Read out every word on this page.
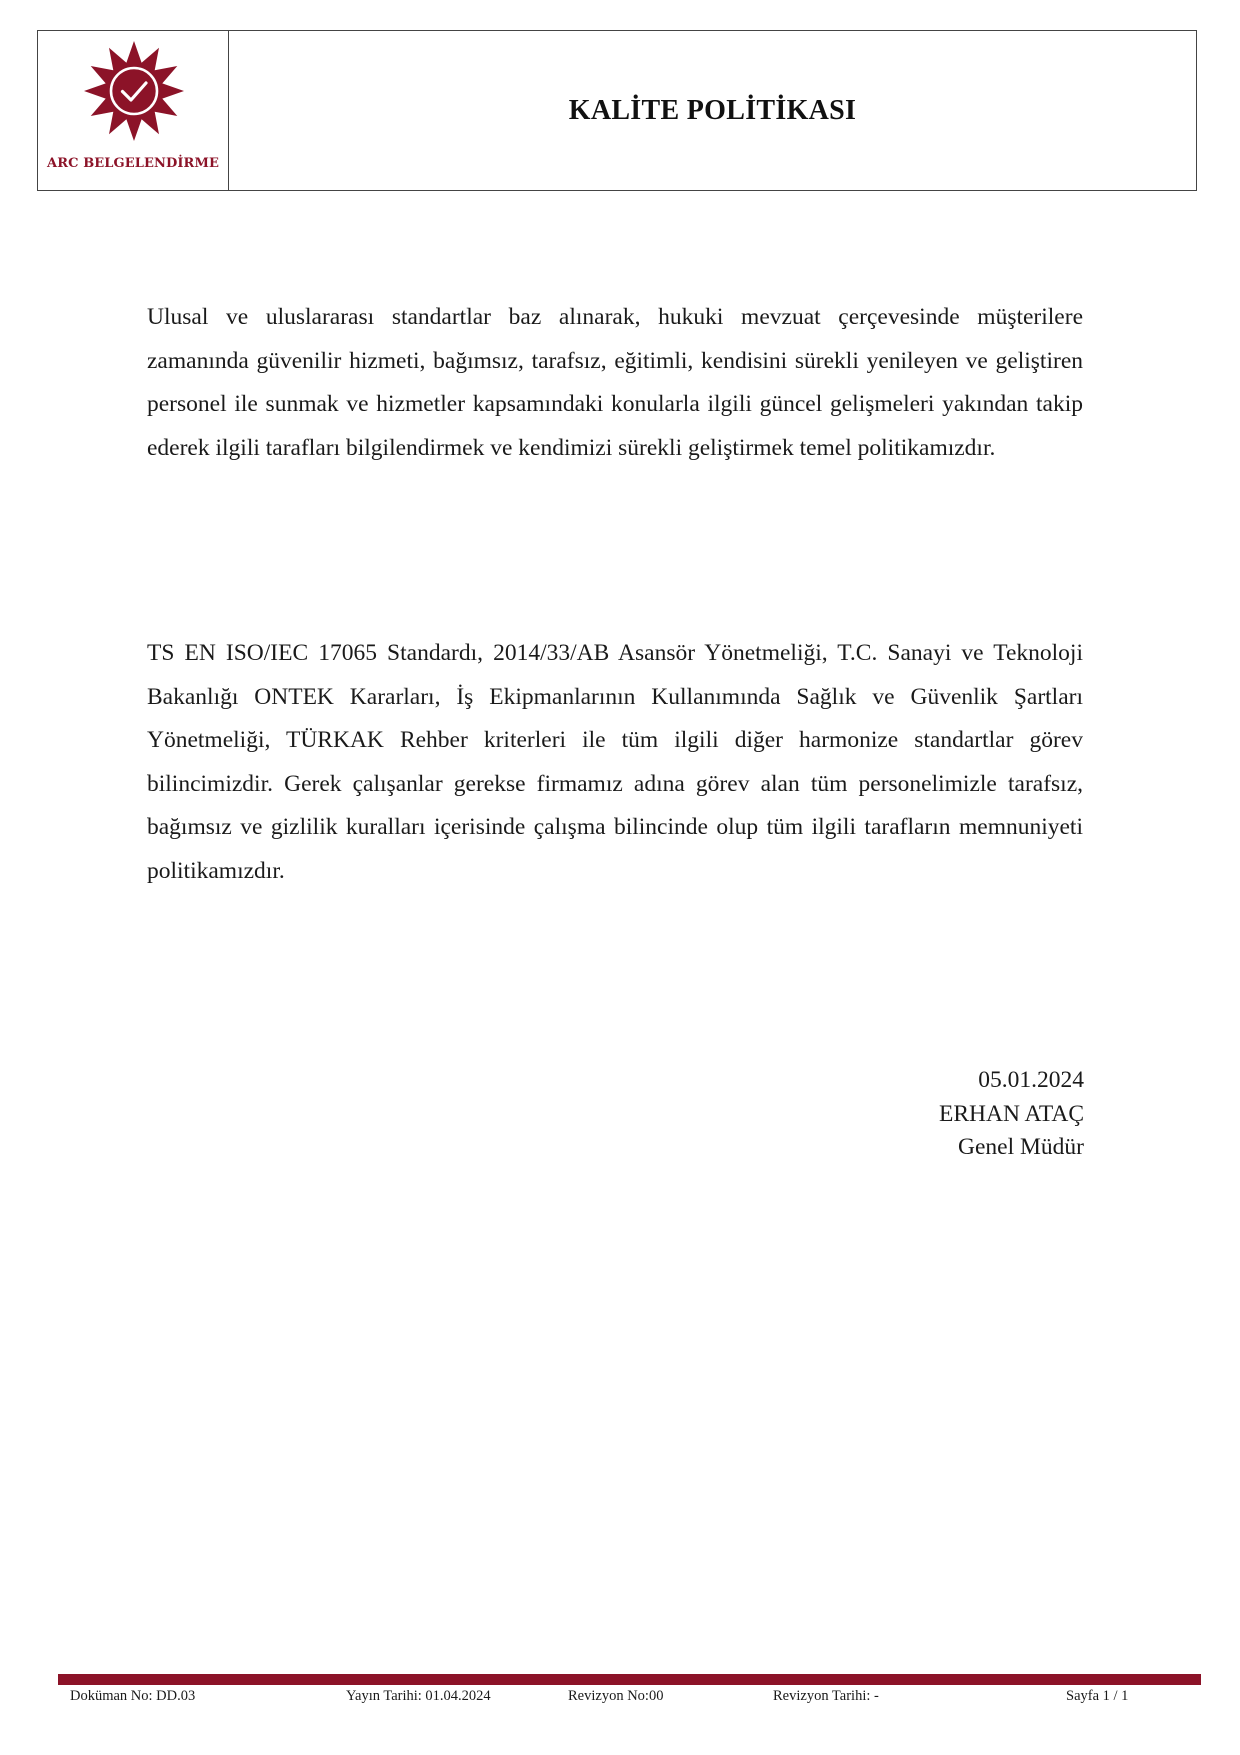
ARC BELGELENDİRME
KALİTE POLİTİKASI

Ulusal ve uluslararası standartlar baz alınarak, hukuki mevzuat çerçevesinde müşterilere zamanında güvenilir hizmeti, bağımsız, tarafsız, eğitimli, kendisini sürekli yenileyen ve geliştiren personel ile sunmak ve hizmetler kapsamındaki konularla ilgili güncel gelişmeleri yakından takip ederek ilgili tarafları bilgilendirmek ve kendimizi sürekli geliştirmek temel politikamızdır.

TS EN ISO/IEC 17065 Standardı, 2014/33/AB Asansör Yönetmeliği, T.C. Sanayi ve Teknoloji Bakanlığı ONTEK Kararları, İş Ekipmanlarının Kullanımında Sağlık ve Güvenlik Şartları Yönetmeliği, TÜRKAK Rehber kriterleri ile tüm ilgili diğer harmonize standartlar görev bilincimizdir. Gerek çalışanlar gerekse firmamız adına görev alan tüm personelimizle tarafsız, bağımsız ve gizlilik kuralları içerisinde çalışma bilincinde olup tüm ilgili tarafların memnuniyeti politikamızdır.

05.01.2024
ERHAN ATAÇ
Genel Müdür
Doküman No: DD.03	Yayın Tarihi: 01.04.2024	Revizyon No:00	Revizyon Tarihi: -	Sayfa 1 / 1
